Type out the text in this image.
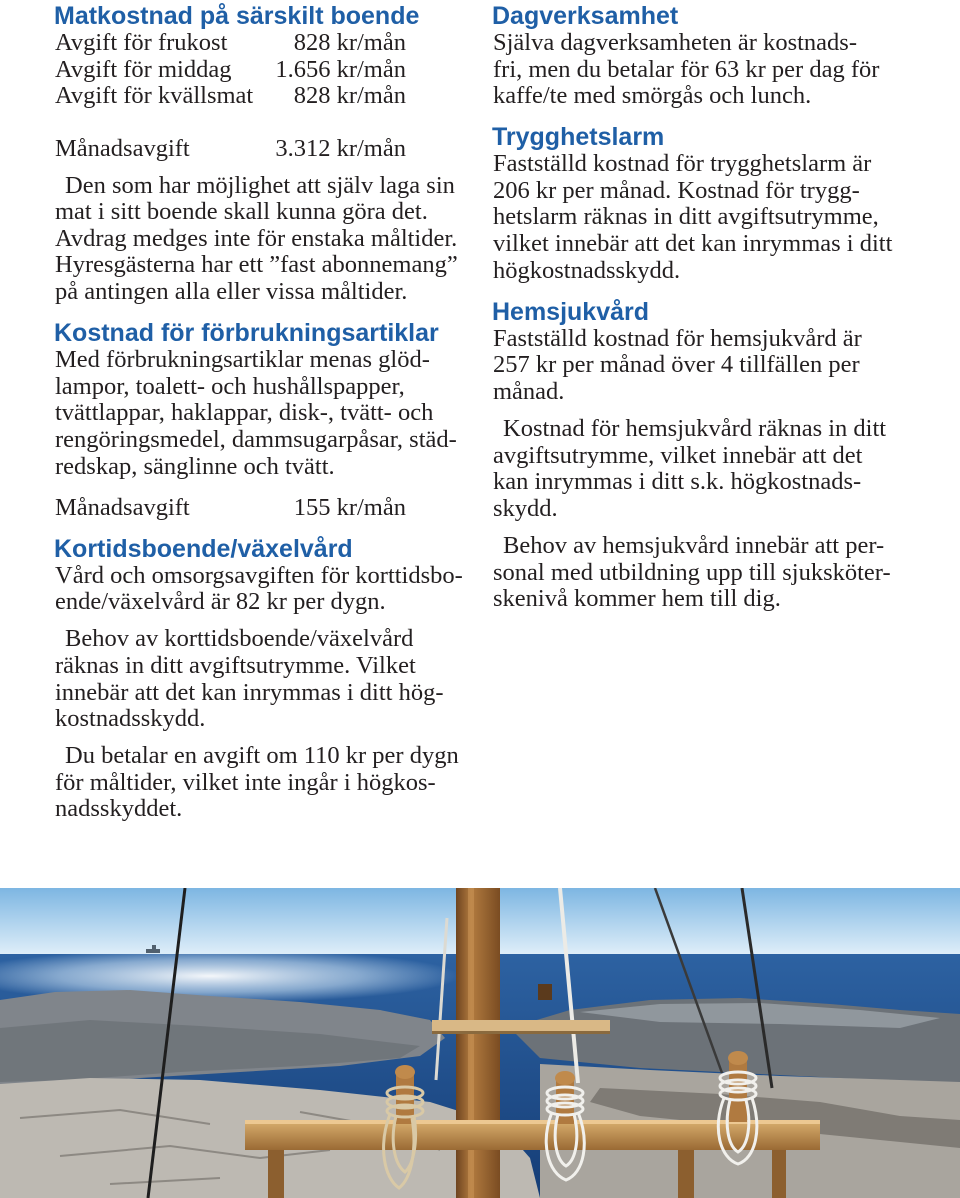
Matkostnad på särskilt boende
Avgift för frukost	828 kr/mån
Avgift för middag 1.656 kr/mån
Avgift för kvällsmat 828 kr/mån
Månadsavgift	3.312 kr/mån

Den som har möjlighet att själv laga sin
mat i sitt boende skall kunna göra det.
Avdrag medges inte för enstaka måltider.
Hyresgästerna har ett ”fast abonnemang”
på antingen alla eller vissa måltider.

Kostnad för förbrukningsartiklar

Med förbrukningsartiklar menas glöd-
lampor, toalett- och hushållspapper,
tvättlappar, haklappar, disk-, tvätt- och
rengöringsmedel, dammsugarpåsar, städ-
redskap, sänglinne och tvätt.

Månadsavgift	155 kr/mån
Kortidsboende/växelvård

Vård och omsorgsavgiften för korttidsbo-
ende/växelvård är 82 kr per dygn.

Behov av korttidsboende/växelvård
räknas in ditt avgiftsutrymme. Vilket
innebär att det kan inrymmas i ditt hög-
kostnadsskydd.

Du betalar en avgift om 110 kr per dygn
för måltider, vilket inte ingår i högkos-
nadsskyddet.

Dagverksamhet

Själva dagverksamheten är kostnads-
fri, men du betalar för 63 kr per dag för
kaffe/te med smörgås och lunch.

Trygghetslarm

Fastställd kostnad för trygghetslarm är
206 kr per månad. Kostnad för trygg-
hetslarm räknas in ditt avgiftsutrymme,
vilket innebär att det kan inrymmas i ditt
högkostnadsskydd.

Hemsjukvård

Fastställd kostnad för hemsjukvård är
257 kr per månad över 4 tillfällen per
månad.

Kostnad för hemsjukvård räknas in ditt
avgiftsutrymme, vilket innebär att det
kan inrymmas i ditt s.k. högkostnads-
skydd.

Behov av hemsjukvård innebär att per-
sonal med utbildning upp till sjuksköter-
skenivå kommer hem till dig.
